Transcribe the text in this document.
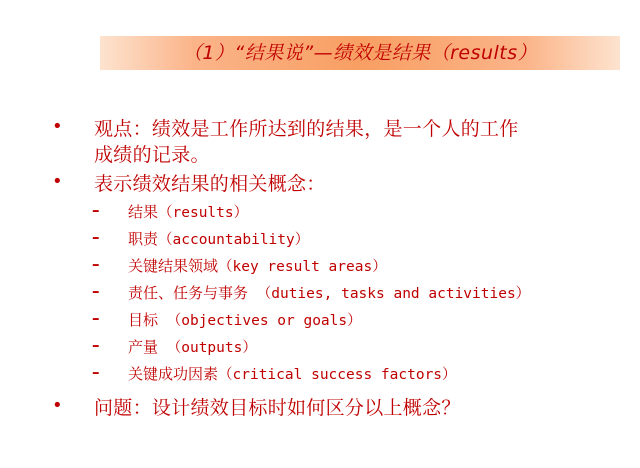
（1）“结果说”—绩效是结果（results）
• 观点：绩效是工作所达到的结果，是一个人的工作
成绩的记录。
• 表示绩效结果的相关概念：
– 结果（results）
– 职责（accountability）
– 关键结果领域（key result areas）
– 责任、任务与事务 （duties, tasks and activities）
– 目标 （objectives or goals）
– 产量 （outputs）
– 关键成功因素（critical success factors）
• 问题：设计绩效目标时如何区分以上概念？
